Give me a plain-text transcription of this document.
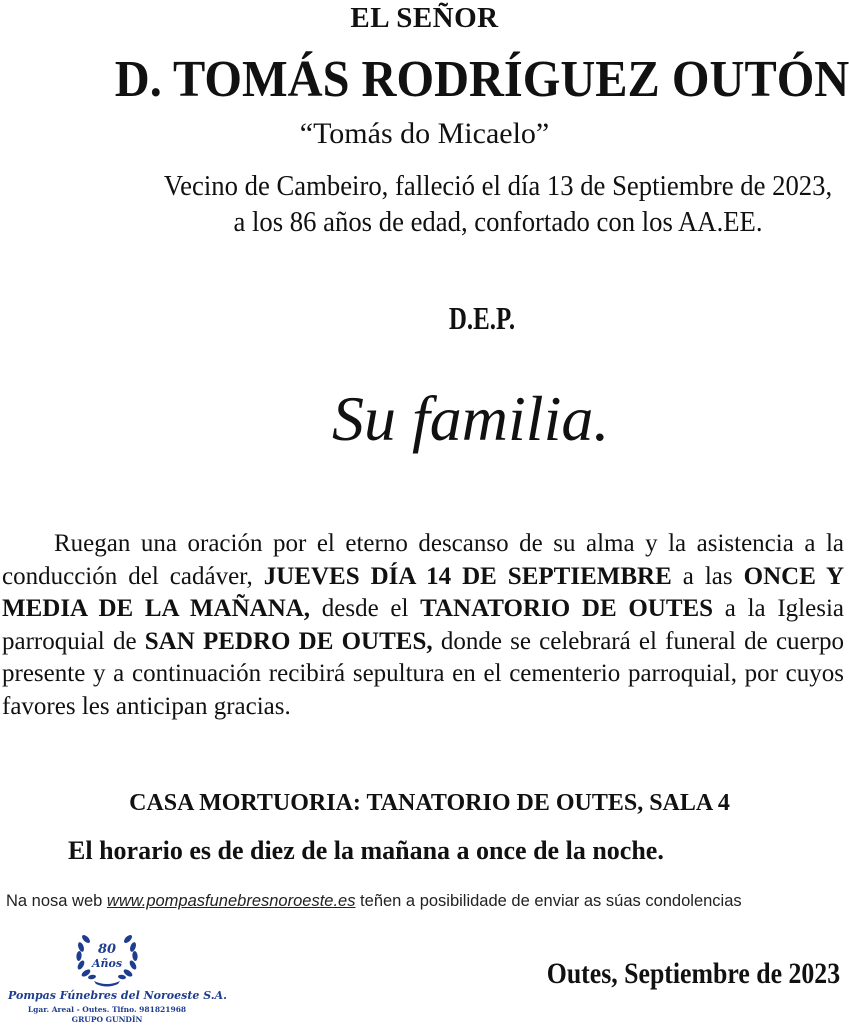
EL SEÑOR
D. TOMÁS RODRÍGUEZ OUTÓN
“Tomás do Micaelo”
Vecino de Cambeiro, falleció el día 13 de Septiembre de 2023,
a los 86 años de edad, confortado con los AA.EE.
D.E.P.
Su familia.
Ruegan una oración por el eterno descanso de su alma y la asistencia a la conducción del cadáver, JUEVES DÍA 14 DE SEPTIEMBRE a las ONCE Y MEDIA DE LA MAÑANA, desde el TANATORIO DE OUTES a la Iglesia parroquial de SAN PEDRO DE OUTES, donde se celebrará el funeral de cuerpo presente y a continuación recibirá sepultura en el cementerio parroquial, por cuyos favores les anticipan gracias.
CASA MORTUORIA: TANATORIO DE OUTES, SALA 4
El horario es de diez de la mañana a once de la noche.
Na nosa web www.pompasfunebresnoroeste.es teñen a posibilidade de enviar as súas condolencias
80
Años
Pompas Fúnebres del Noroeste S.A.
Lgar. Areal - Outes. Tlfno. 981821968
GRUPO GUNDÍN
Outes, Septiembre de 2023
